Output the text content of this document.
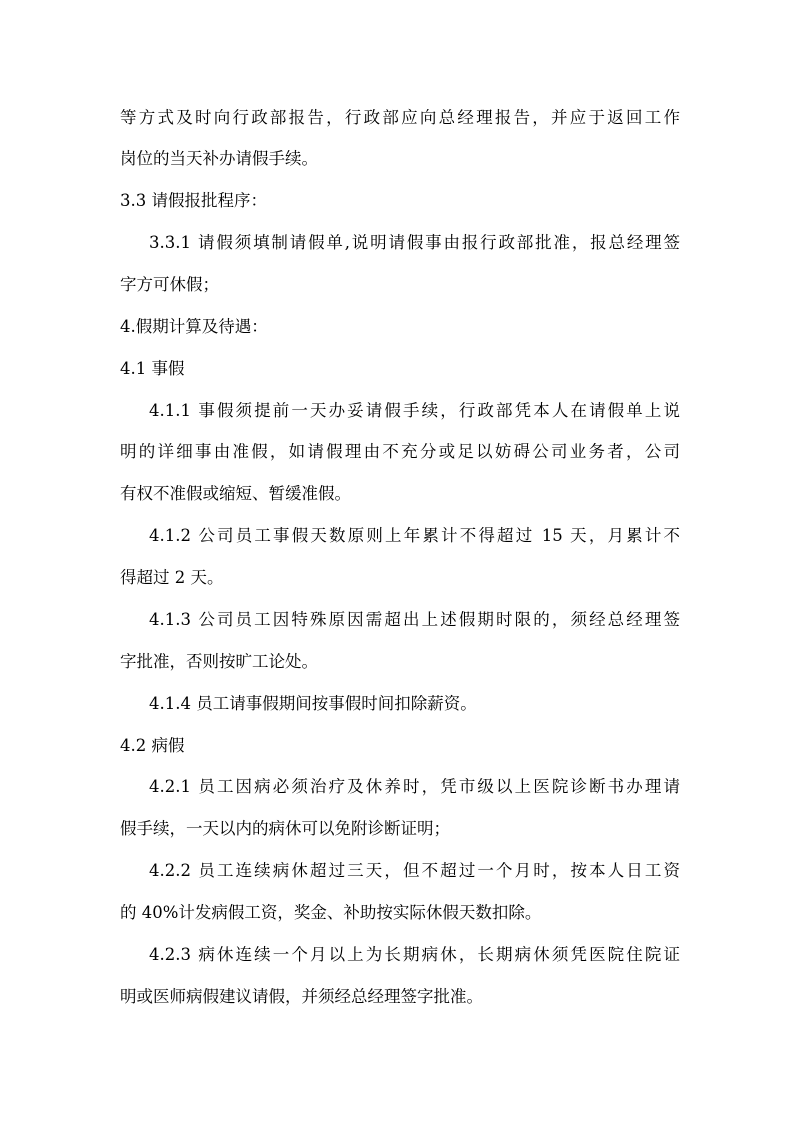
等方式及时向行政部报告，行政部应向总经理报告，并应于返回工作
岗位的当天补办请假手续。
3.3 请假报批程序：
3.3.1 请假须填制请假单,说明请假事由报行政部批准，报总经理签
字方可休假；
4.假期计算及待遇：
4.1 事假
4.1.1 事假须提前一天办妥请假手续，行政部凭本人在请假单上说
明的详细事由准假，如请假理由不充分或足以妨碍公司业务者，公司
有权不准假或缩短、暂缓准假。
4.1.2 公司员工事假天数原则上年累计不得超过 15 天，月累计不
得超过 2 天。
4.1.3 公司员工因特殊原因需超出上述假期时限的，须经总经理签
字批准，否则按旷工论处。
4.1.4 员工请事假期间按事假时间扣除薪资。
4.2 病假
4.2.1 员工因病必须治疗及休养时，凭市级以上医院诊断书办理请
假手续，一天以内的病休可以免附诊断证明；
4.2.2 员工连续病休超过三天，但不超过一个月时，按本人日工资
的 40%计发病假工资，奖金、补助按实际休假天数扣除。
4.2.3 病休连续一个月以上为长期病休，长期病休须凭医院住院证
明或医师病假建议请假，并须经总经理签字批准。
